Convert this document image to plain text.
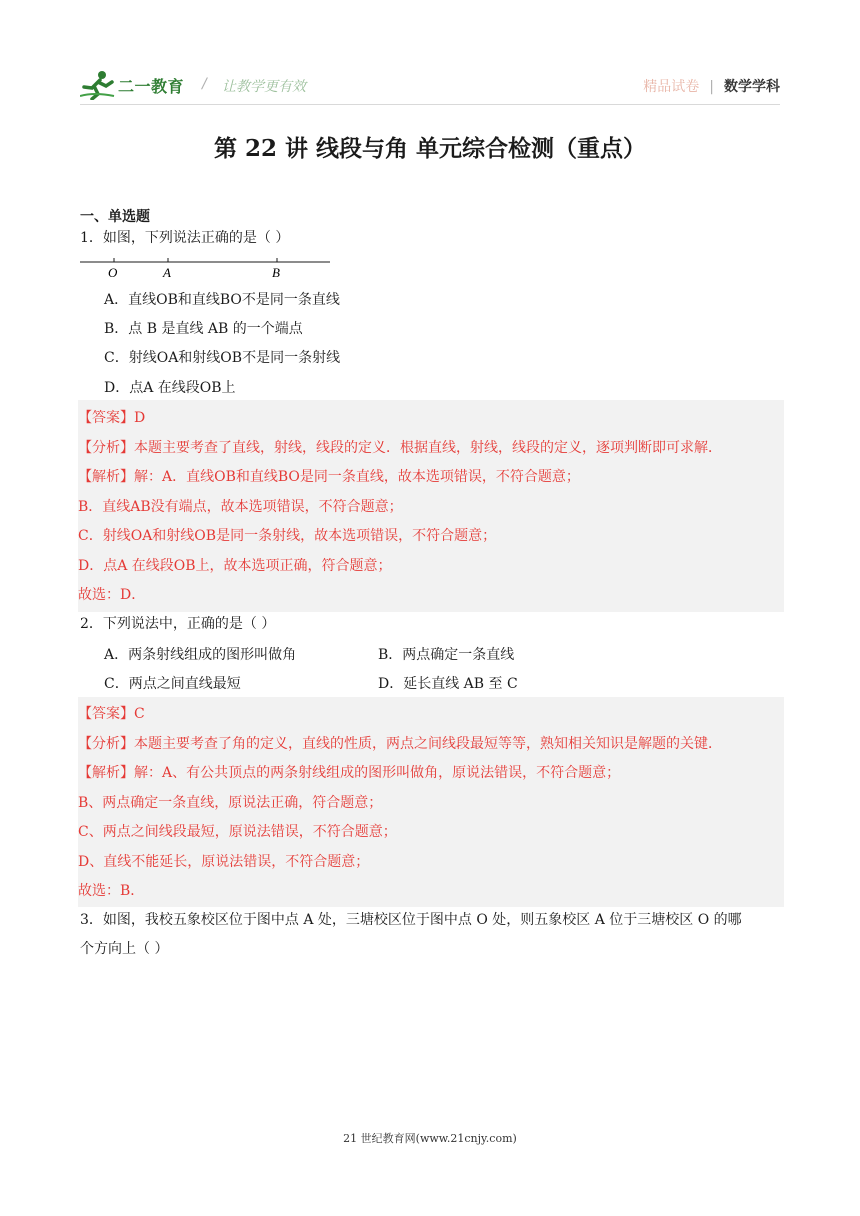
二一教育 / 让教学更有效	精品试卷 | 数学学科
第 22 讲 线段与角 单元综合检测（重点）
一、单选题
1．如图，下列说法正确的是（ ）
O	A	B
A．直线OB和直线BO不是同一条直线
B．点 B 是直线 AB 的一个端点
C．射线OA和射线OB不是同一条射线
D．点A 在线段OB上
【答案】D
【分析】本题主要考查了直线，射线，线段的定义．根据直线，射线，线段的定义，逐项判断即可求解．
【解析】解：A．直线OB和直线BO是同一条直线，故本选项错误，不符合题意；
B．直线AB没有端点，故本选项错误，不符合题意；
C．射线OA和射线OB是同一条射线，故本选项错误，不符合题意；
D．点A 在线段OB上，故本选项正确，符合题意；
故选：D．
2．下列说法中，正确的是（ ）
A．两条射线组成的图形叫做角	B．两点确定一条直线
C．两点之间直线最短	D．延长直线 AB 至 C
【答案】C
【分析】本题主要考查了角的定义，直线的性质，两点之间线段最短等等，熟知相关知识是解题的关键．
【解析】解：A、有公共顶点的两条射线组成的图形叫做角，原说法错误，不符合题意；
B、两点确定一条直线，原说法正确，符合题意；
C、两点之间线段最短，原说法错误，不符合题意；
D、直线不能延长，原说法错误，不符合题意；
故选：B．
3．如图，我校五象校区位于图中点 A 处，三塘校区位于图中点 O 处，则五象校区 A 位于三塘校区 O 的哪
个方向上（ ）
21 世纪教育网(www.21cnjy.com)
